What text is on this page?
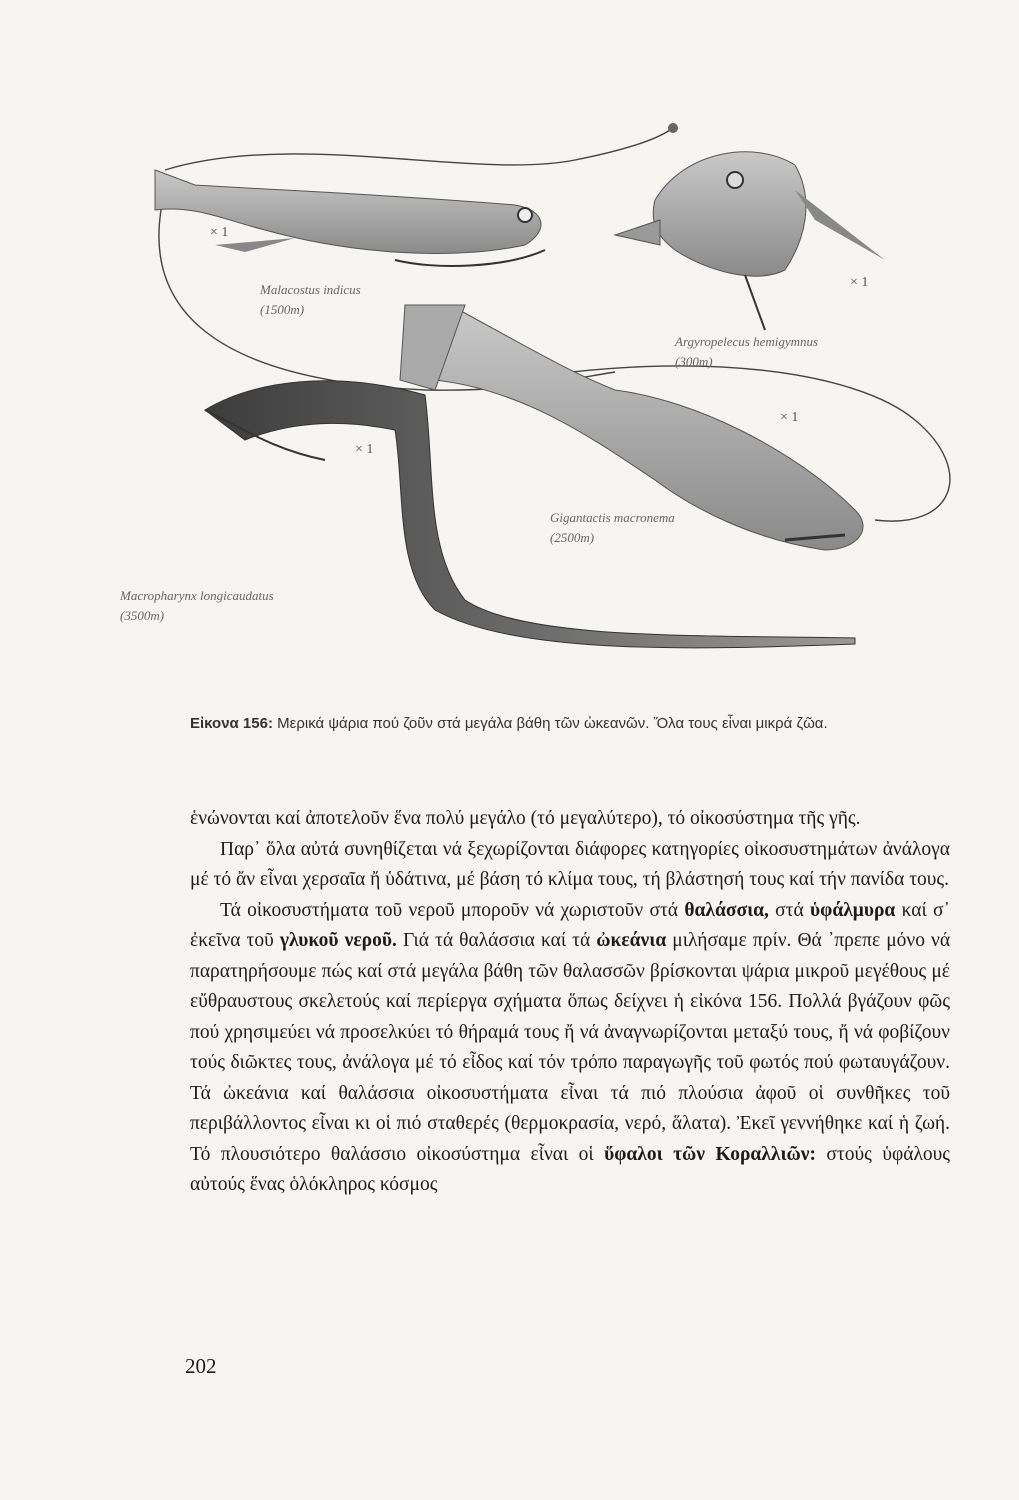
Malacostus indicus
(1500m)
Argyropelecus hemigymnus
(300m)
Gigantactis macronema
(2500m)
Macropharynx longicaudatus
(3500m)
× 1
× 1
× 1
× 1
Εἰκονα 156: Μερικά ψάρια πού ζοῦν στά μεγάλα βάθη τῶν ὠκεανῶν. Ὅλα τους εἶναι μικρά ζῶα.

ἑνώνονται καί ἀποτελοῦν ἕνα πολύ μεγάλο (τό μεγαλύτερο), τό οἰκοσύστημα τῆς γῆς.

Παρ᾽ ὅλα αὐτά συνηθίζεται νά ξεχωρίζονται διάφορες κατηγορίες οἰκοσυστημάτων ἀνάλογα μέ τό ἄν εἶναι χερσαῖα ἤ ὑδάτινα, μέ βάση τό κλίμα τους, τή βλάστησή τους καί τήν πανίδα τους.

Τά οἰκοσυστήματα τοῦ νεροῦ μποροῦν νά χωριστοῦν στά θαλάσσια, στά ὑφάλμυρα καί σ᾽ ἐκεῖνα τοῦ γλυκοῦ νεροῦ. Γιά τά θαλάσσια καί τά ὠκεάνια μιλήσαμε πρίν. Θά ᾽πρεπε μόνο νά παρατηρήσουμε πώς καί στά μεγάλα βάθη τῶν θαλασσῶν βρίσκονται ψάρια μικροῦ μεγέθους μέ εὔθραυστους σκελετούς καί περίεργα σχήματα ὅπως δείχνει ἡ εἰκόνα 156. Πολλά βγάζουν φῶς πού χρησιμεύει νά προσελκύει τό θήραμά τους ἤ νά ἀναγνωρίζονται μεταξύ τους, ἤ νά φοβίζουν τούς διῶκτες τους, ἀνάλογα μέ τό εἶδος καί τόν τρόπο παραγωγῆς τοῦ φωτός πού φωταυγάζουν. Τά ὠκεάνια καί θαλάσσια οἰκοσυστήματα εἶναι τά πιό πλούσια ἀφοῦ οἱ συνθῆκες τοῦ περιβάλλοντος εἶναι κι οἱ πιό σταθερές (θερμοκρασία, νερό, ἅλατα). Ἐκεῖ γεννήθηκε καί ἡ ζωή. Τό πλουσιότερο θαλάσσιο οἰκοσύστημα εἶναι οἱ ὕφαλοι τῶν Κοραλλιῶν: στούς ὑφάλους αὐτούς ἕνας ὁλόκληρος κόσμος

202
